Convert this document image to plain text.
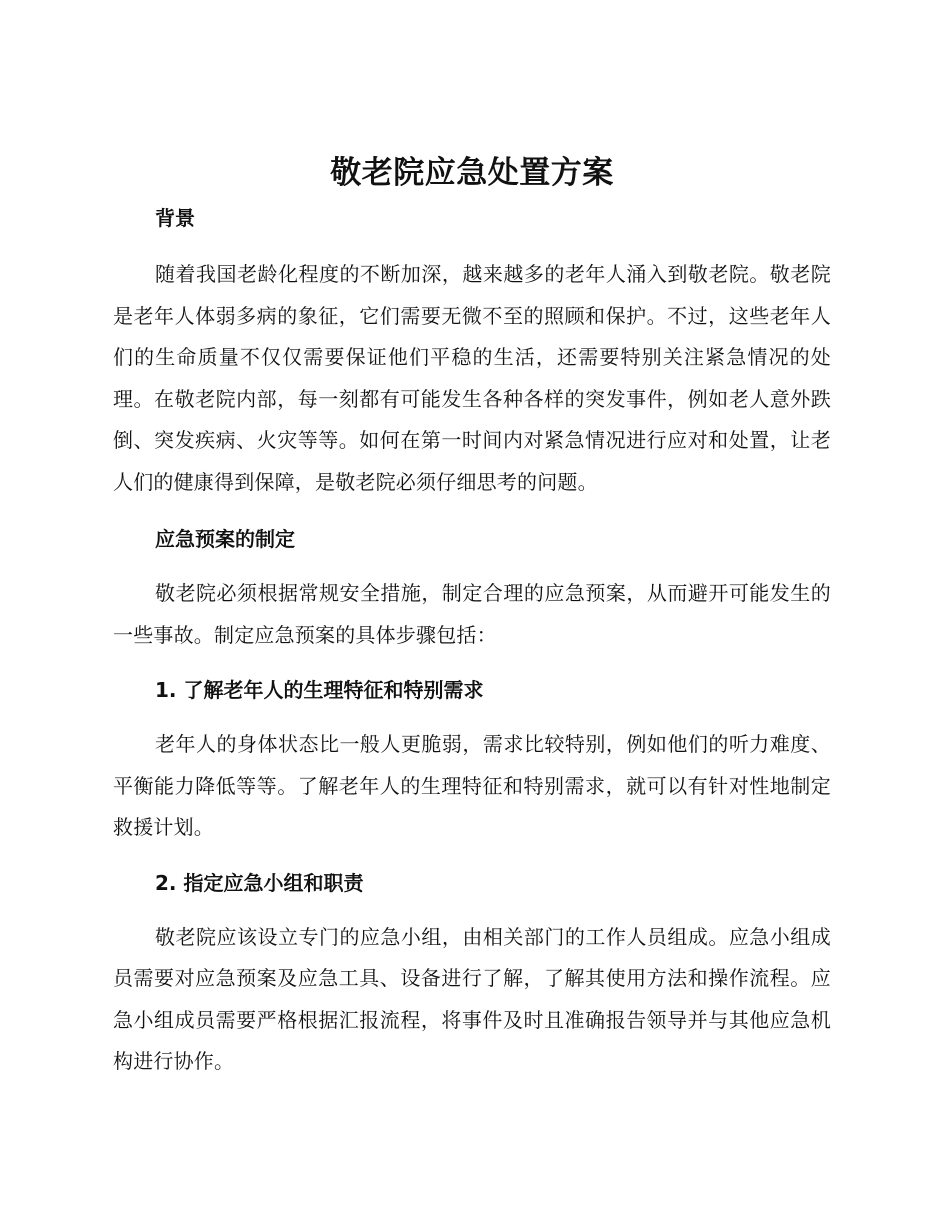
敬老院应急处置方案
背景

随着我国老龄化程度的不断加深，越来越多的老年人涌入到敬老院。敬老院是老年人体弱多病的象征，它们需要无微不至的照顾和保护。不过，这些老年人们的生命质量不仅仅需要保证他们平稳的生活，还需要特别关注紧急情况的处理。在敬老院内部，每一刻都有可能发生各种各样的突发事件，例如老人意外跌倒、突发疾病、火灾等等。如何在第一时间内对紧急情况进行应对和处置，让老人们的健康得到保障，是敬老院必须仔细思考的问题。

应急预案的制定

敬老院必须根据常规安全措施，制定合理的应急预案，从而避开可能发生的一些事故。制定应急预案的具体步骤包括：

1. 了解老年人的生理特征和特别需求

老年人的身体状态比一般人更脆弱，需求比较特别，例如他们的听力难度、平衡能力降低等等。了解老年人的生理特征和特别需求，就可以有针对性地制定救援计划。

2. 指定应急小组和职责

敬老院应该设立专门的应急小组，由相关部门的工作人员组成。应急小组成员需要对应急预案及应急工具、设备进行了解，了解其使用方法和操作流程。应急小组成员需要严格根据汇报流程，将事件及时且准确报告领导并与其他应急机构进行协作。
